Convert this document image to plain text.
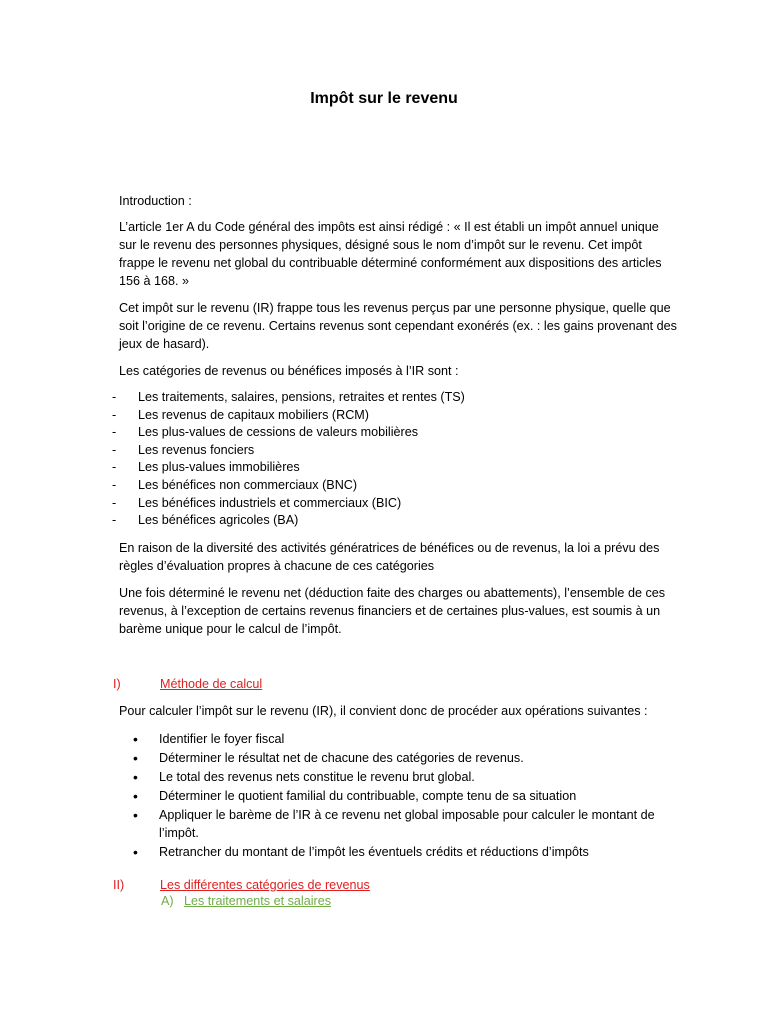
Impôt sur le revenu

Introduction :

L’article 1er A du Code général des impôts est ainsi rédigé : « Il est établi un impôt annuel unique sur le revenu des personnes physiques, désigné sous le nom d’impôt sur le revenu. Cet impôt frappe le revenu net global du contribuable déterminé conformément aux dispositions des articles 156 à 168. »

Cet impôt sur le revenu (IR) frappe tous les revenus perçus par une personne physique, quelle que soit l’origine de ce revenu. Certains revenus sont cependant exonérés (ex. : les gains provenant des jeux de hasard).

Les catégories de revenus ou bénéfices imposés à l’IR sont :

- Les traitements, salaires, pensions, retraites et rentes (TS)
- Les revenus de capitaux mobiliers (RCM)
- Les plus-values de cessions de valeurs mobilières
- Les revenus fonciers
- Les plus-values immobilières
- Les bénéfices non commerciaux (BNC)
- Les bénéfices industriels et commerciaux (BIC)
- Les bénéfices agricoles (BA)

En raison de la diversité des activités génératrices de bénéfices ou de revenus, la loi a prévu des règles d’évaluation propres à chacune de ces catégories

Une fois déterminé le revenu net (déduction faite des charges ou abattements), l’ensemble de ces revenus, à l’exception de certains revenus financiers et de certaines plus-values, est soumis à un barème unique pour le calcul de l’impôt.

I)	Méthode de calcul

Pour calculer l’impôt sur le revenu (IR), il convient donc de procéder aux opérations suivantes :

• Identifier le foyer fiscal
• Déterminer le résultat net de chacune des catégories de revenus.
• Le total des revenus nets constitue le revenu brut global.
• Déterminer le quotient familial du contribuable, compte tenu de sa situation
• Appliquer le barème de l’IR à ce revenu net global imposable pour calculer le montant de l’impôt.
• Retrancher du montant de l’impôt les éventuels crédits et réductions d’impôts
II)	Les différentes catégories de revenus
A) Les traitements et salaires
